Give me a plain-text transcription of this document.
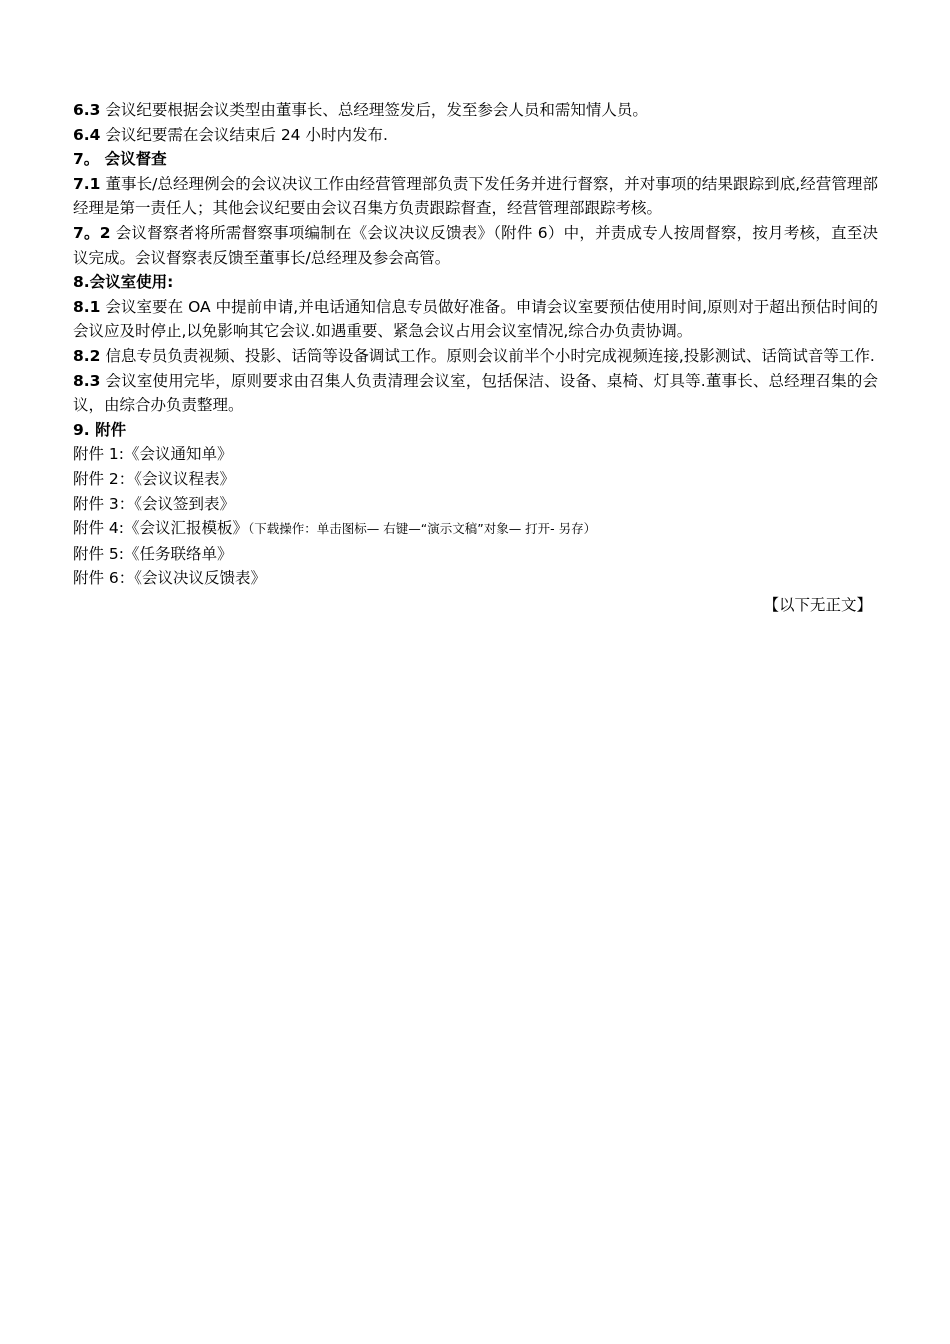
6.3 会议纪要根据会议类型由董事长、总经理签发后，发至参会人员和需知情人员。

6.4 会议纪要需在会议结束后 24 小时内发布.

7。 会议督查

7.1 董事长/总经理例会的会议决议工作由经营管理部负责下发任务并进行督察，并对事项的结果跟踪到底,经营管理部经理是第一责任人；其他会议纪要由会议召集方负责跟踪督查，经营管理部跟踪考核。

7。2 会议督察者将所需督察事项编制在《会议决议反馈表》（附件 6）中，并责成专人按周督察，按月考核，直至决议完成。会议督察表反馈至董事长/总经理及参会高管。

8.会议室使用:

8.1 会议室要在 OA 中提前申请,并电话通知信息专员做好准备。申请会议室要预估使用时间,原则对于超出预估时间的会议应及时停止,以免影响其它会议.如遇重要、紧急会议占用会议室情况,综合办负责协调。

8.2 信息专员负责视频、投影、话筒等设备调试工作。原则会议前半个小时完成视频连接,投影测试、话筒试音等工作.

8.3 会议室使用完毕，原则要求由召集人负责清理会议室，包括保洁、设备、桌椅、灯具等.董事长、总经理召集的会议，由综合办负责整理。

9. 附件

附件 1:《会议通知单》

附件 2：《会议议程表》

附件 3：《会议签到表》

附件 4:《会议汇报模板》（下载操作：单击图标— 右键—“演示文稿”对象— 打开- 另存）

附件 5:《任务联络单》

附件 6：《会议决议反馈表》

【以下无正文】
